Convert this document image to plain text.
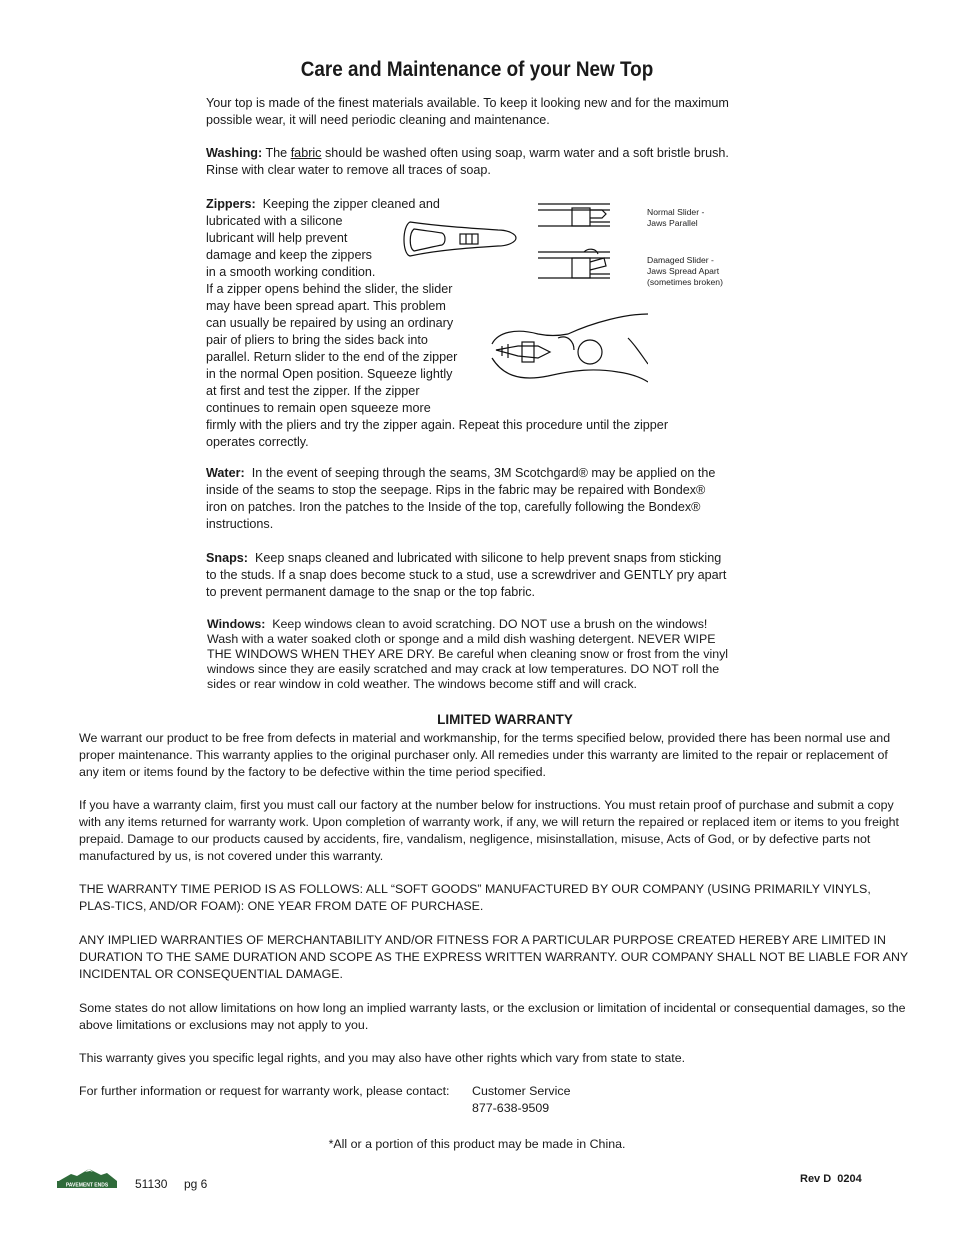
Care and Maintenance of your New Top
Your top is made of the finest materials available. To keep it looking new and for the maximum possible wear, it will need periodic cleaning and maintenance.
Washing: The fabric should be washed often using soap, warm water and a soft bristle brush. Rinse with clear water to remove all traces of soap.
Zippers: Keeping the zipper cleaned and
lubricated with a silicone
lubricant will help prevent
damage and keep the zippers
in a smooth working condition.
If a zipper opens behind the slider, the slider
may have been spread apart. This problem
can usually be repaired by using an ordinary
pair of pliers to bring the sides back into
parallel. Return slider to the end of the zipper
in the normal Open position. Squeeze lightly
at first and test the zipper. If the zipper
continues to remain open squeeze more
firmly with the pliers and try the zipper again. Repeat this procedure until the zipper
operates correctly.
Normal Slider -
Jaws Parallel
Damaged Slider -
Jaws Spread Apart
(sometimes broken)
Water: In the event of seeping through the seams, 3M Scotchgard® may be applied on the inside of the seams to stop the seepage. Rips in the fabric may be repaired with Bondex® iron on patches. Iron the patches to the Inside of the top, carefully following the Bondex® instructions.
Snaps: Keep snaps cleaned and lubricated with silicone to help prevent snaps from sticking to the studs. If a snap does become stuck to a stud, use a screwdriver and GENTLY pry apart to prevent permanent damage to the snap or the top fabric.
Windows: Keep windows clean to avoid scratching. DO NOT use a brush on the windows! Wash with a water soaked cloth or sponge and a mild dish washing detergent. NEVER WIPE THE WINDOWS WHEN THEY ARE DRY. Be careful when cleaning snow or frost from the vinyl windows since they are easily scratched and may crack at low temperatures. DO NOT roll the sides or rear window in cold weather. The windows become stiff and will crack.
LIMITED WARRANTY
We warrant our product to be free from defects in material and workmanship, for the terms specified below, provided there has been normal use and proper maintenance. This warranty applies to the original purchaser only. All remedies under this warranty are limited to the repair or replacement of any item or items found by the factory to be defective within the time period specified.
If you have a warranty claim, first you must call our factory at the number below for instructions. You must retain proof of purchase and submit a copy with any items returned for warranty work. Upon completion of warranty work, if any, we will return the repaired or replaced item or items to you freight prepaid. Damage to our products caused by accidents, fire, vandalism, negligence, misinstallation, misuse, Acts of God, or by defective parts not manufactured by us, is not covered under this warranty.
THE WARRANTY TIME PERIOD IS AS FOLLOWS: ALL “SOFT GOODS” MANUFACTURED BY OUR COMPANY (USING PRIMARILY VINYLS, PLAS-TICS, AND/OR FOAM): ONE YEAR FROM DATE OF PURCHASE.
ANY IMPLIED WARRANTIES OF MERCHANTABILITY AND/OR FITNESS FOR A PARTICULAR PURPOSE CREATED HEREBY ARE LIMITED IN DURATION TO THE SAME DURATION AND SCOPE AS THE EXPRESS WRITTEN WARRANTY. OUR COMPANY SHALL NOT BE LIABLE FOR ANY INCIDENTAL OR CONSEQUENTIAL DAMAGE.
Some states do not allow limitations on how long an implied warranty lasts, or the exclusion or limitation of incidental or consequential damages, so the above limitations or exclusions may not apply to you.
This warranty gives you specific legal rights, and you may also have other rights which vary from state to state.
For further information or request for warranty work, please contact:	Customer Service
877-638-9509
*All or a portion of this product may be made in China.
PAVEMENT ENDS 51130 pg 6	Rev D  0204
